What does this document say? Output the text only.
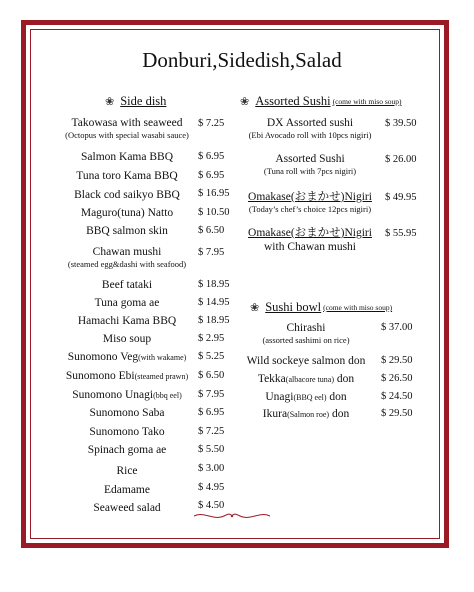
Donburi,Sidedish,Salad
❀ Side dish
Takowasa with seaweed
(Octopus with special wasabi sauce)
$ 7.25
Salmon Kama BBQ	$ 6.95
Tuna toro Kama BBQ	$ 6.95
Black cod saikyo BBQ	$ 16.95
Maguro(tuna) Natto	$ 10.50
BBQ salmon skin	$ 6.50
Chawan mushi
(steamed egg&dashi with seafood)
$ 7.95
Beef tataki	$ 18.95
Tuna goma ae	$ 14.95
Hamachi Kama BBQ	$ 18.95
Miso soup	$ 2.95
Sunomono Veg(with wakame)	$ 5.25
Sunomono Ebi(steamed prawn) $ 6.50
Sunomono Unagi(bbq eel)	$ 7.95
Sunomono Saba	$ 6.95
Sunomono Tako	$ 7.25
Spinach goma ae	$ 5.50
Rice	$ 3.00
Edamame	$ 4.95
Seaweed salad	$ 4.50
❀ Assorted Sushi (come with miso soup)
DX Assorted sushi
(Ebi Avocado roll with 10pcs nigiri)
$ 39.50
Assorted Sushi
(Tuna roll with 7pcs nigiri)
$ 26.00
Omakase(おまかせ)Nigiri
(Today’s chef’s choice 12pcs nigiri)
$ 49.95
Omakase(おまかせ)Nigiri
with Chawan mushi
$ 55.95
❀ Sushi bowl (come with miso soup)
Chirashi
(assorted sashimi on rice)
$ 37.00
Wild sockeye salmon don	$ 29.50
Tekka(albacore tuna) don	$ 26.50
Unagi(BBQ eel) don	$ 24.50
Ikura(Salmon roe) don	$ 29.50
